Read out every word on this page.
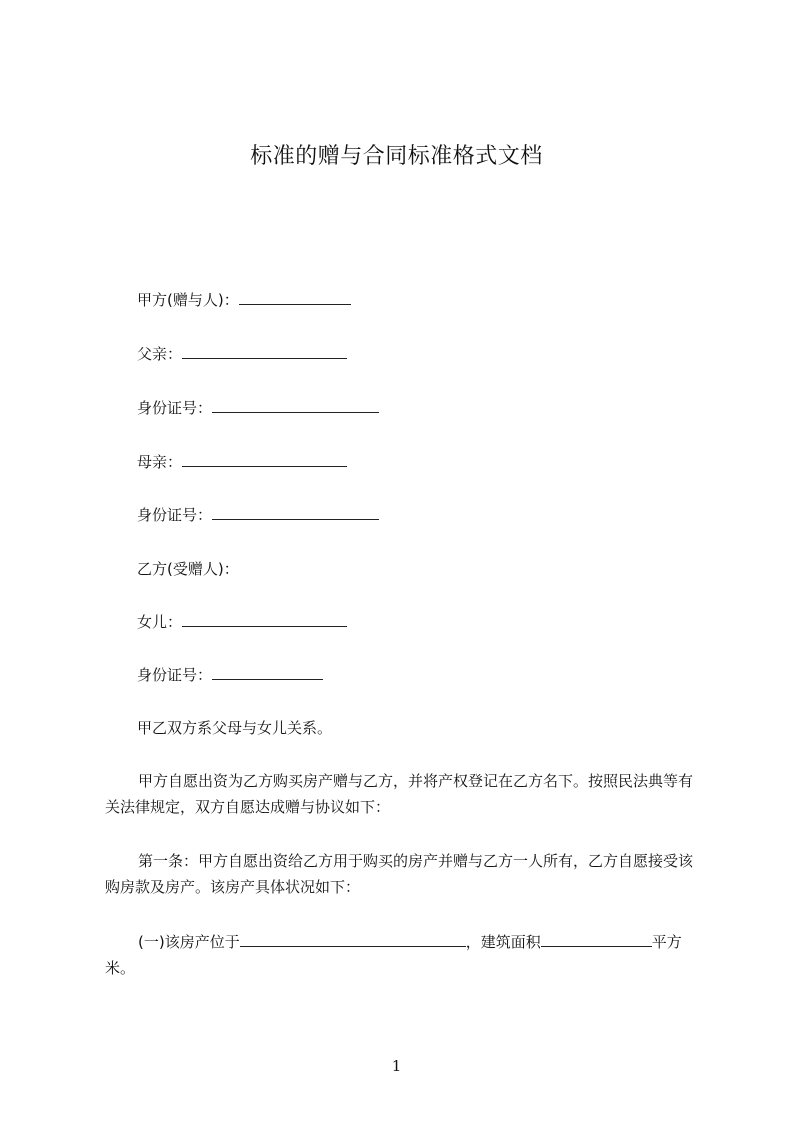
标准的赠与合同标准格式文档
甲方(赠与人)：
父亲：
身份证号：
母亲：
身份证号：
乙方(受赠人)：
女儿：
身份证号：
甲乙双方系父母与女儿关系。
甲方自愿出资为乙方购买房产赠与乙方，并将产权登记在乙方名下。按照民法典等有关法律规定，双方自愿达成赠与协议如下：
第一条：甲方自愿出资给乙方用于购买的房产并赠与乙方一人所有，乙方自愿接受该购房款及房产。该房产具体状况如下：
(一)该房产位于	，建筑面积	平方米。
1
